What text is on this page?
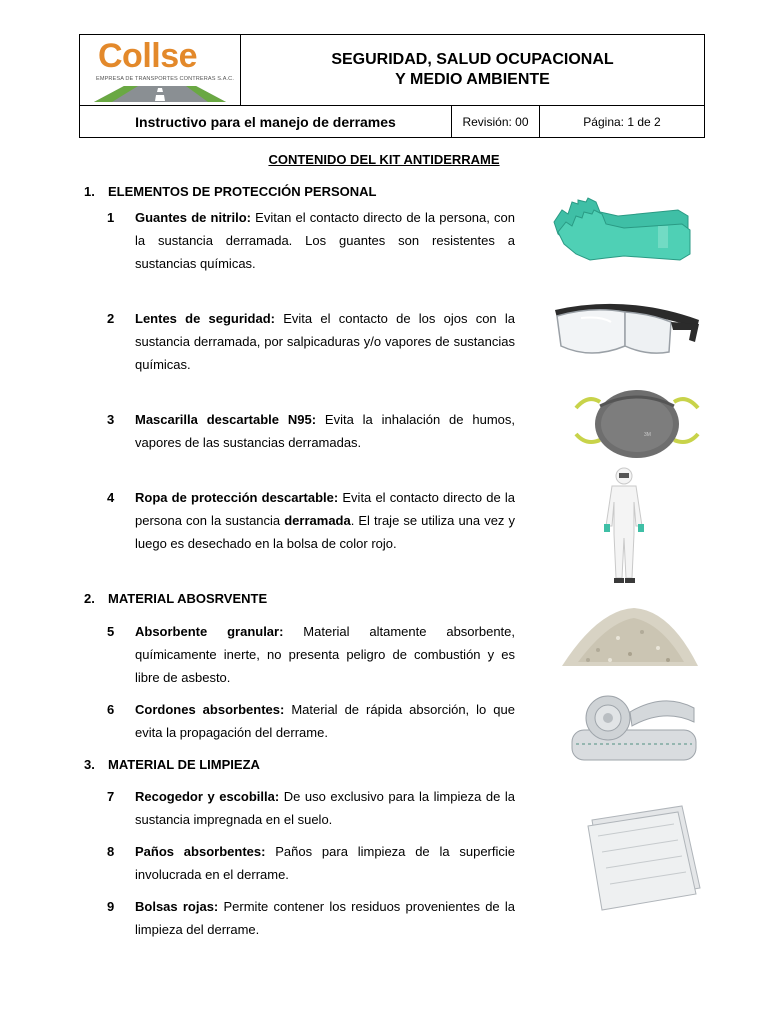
Collse
EMPRESA DE TRANSPORTES CONTRERAS S.A.C.
SEGURIDAD, SALUD OCUPACIONAL
Y MEDIO AMBIENTE
Instructivo para el manejo de derrames	Revisión: 00	Página: 1 de 2
CONTENIDO DEL KIT ANTIDERRAME
1. ELEMENTOS DE PROTECCIÓN PERSONAL
1 Guantes de nitrilo: Evitan el contacto directo de la persona, con la sustancia derramada. Los guantes son resistentes a sustancias químicas.
2 Lentes de seguridad: Evita el contacto de los ojos con la sustancia derramada, por salpicaduras y/o vapores de sustancias químicas.
3 Mascarilla descartable N95: Evita la inhalación de humos, vapores de las sustancias derramadas.
4 Ropa de protección descartable: Evita el contacto directo de la persona con la sustancia derramada. El traje se utiliza una vez y luego es desechado en la bolsa de color rojo.
2. MATERIAL ABOSRVENTE
5 Absorbente granular: Material altamente absorbente, químicamente inerte, no presenta peligro de combustión y es libre de asbesto.
6 Cordones absorbentes: Material de rápida absorción, lo que evita la propagación del derrame.
3. MATERIAL DE LIMPIEZA
7 Recogedor y escobilla: De uso exclusivo para la limpieza de la sustancia impregnada en el suelo.
8 Paños absorbentes: Paños para limpieza de la superficie involucrada en el derrame.
9 Bolsas rojas: Permite contener los residuos provenientes de la limpieza del derrame.
3M
